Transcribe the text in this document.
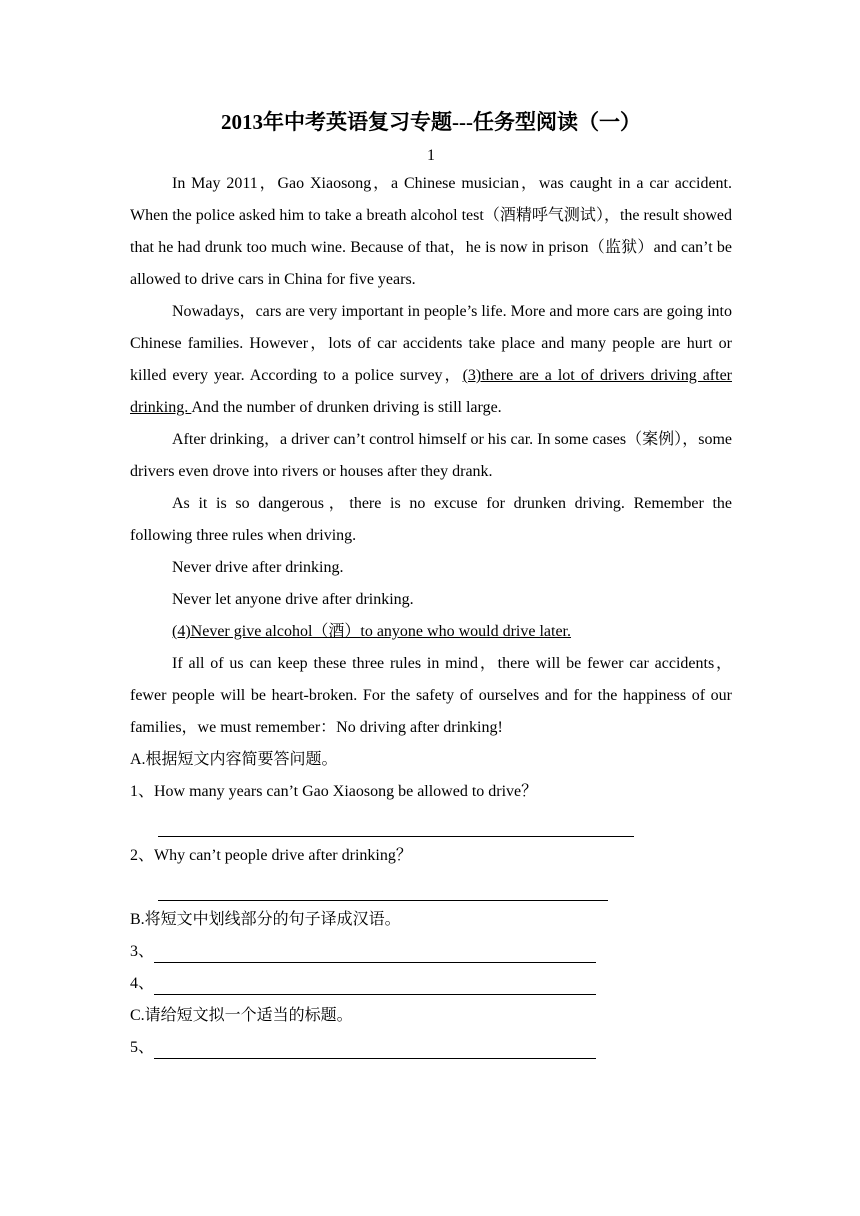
2013年中考英语复习专题---任务型阅读（一）
1

In May 2011，Gao Xiaosong，a Chinese musician，was caught in a car accident. When the police asked him to take a breath alcohol test（酒精呼气测试），the result showed that he had drunk too much wine. Because of that，he is now in prison（监狱）and can’t be allowed to drive cars in China for five years.

Nowadays，cars are very important in people’s life. More and more cars are going into Chinese families. However，lots of car accidents take place and many people are hurt or killed every year. According to a police survey，(3)there are a lot of drivers driving after drinking. And the number of drunken driving is still large.

After drinking，a driver can’t control himself or his car. In some cases（案例），some drivers even drove into rivers or houses after they drank.

As it is so dangerous，there is no excuse for drunken driving. Remember the following three rules when driving.

Never drive after drinking.

Never let anyone drive after drinking.

(4)Never give alcohol（酒）to anyone who would drive later.

If all of us can keep these three rules in mind，there will be fewer car accidents，fewer people will be heart-broken. For the safety of ourselves and for the happiness of our families，we must remember：No driving after drinking!

A.根据短文内容简要答问题。
1、How many years can’t Gao Xiaosong be allowed to drive？
2、Why can’t people drive after drinking？
B.将短文中划线部分的句子译成汉语。
3、
4、
C.请给短文拟一个适当的标题。
5、
